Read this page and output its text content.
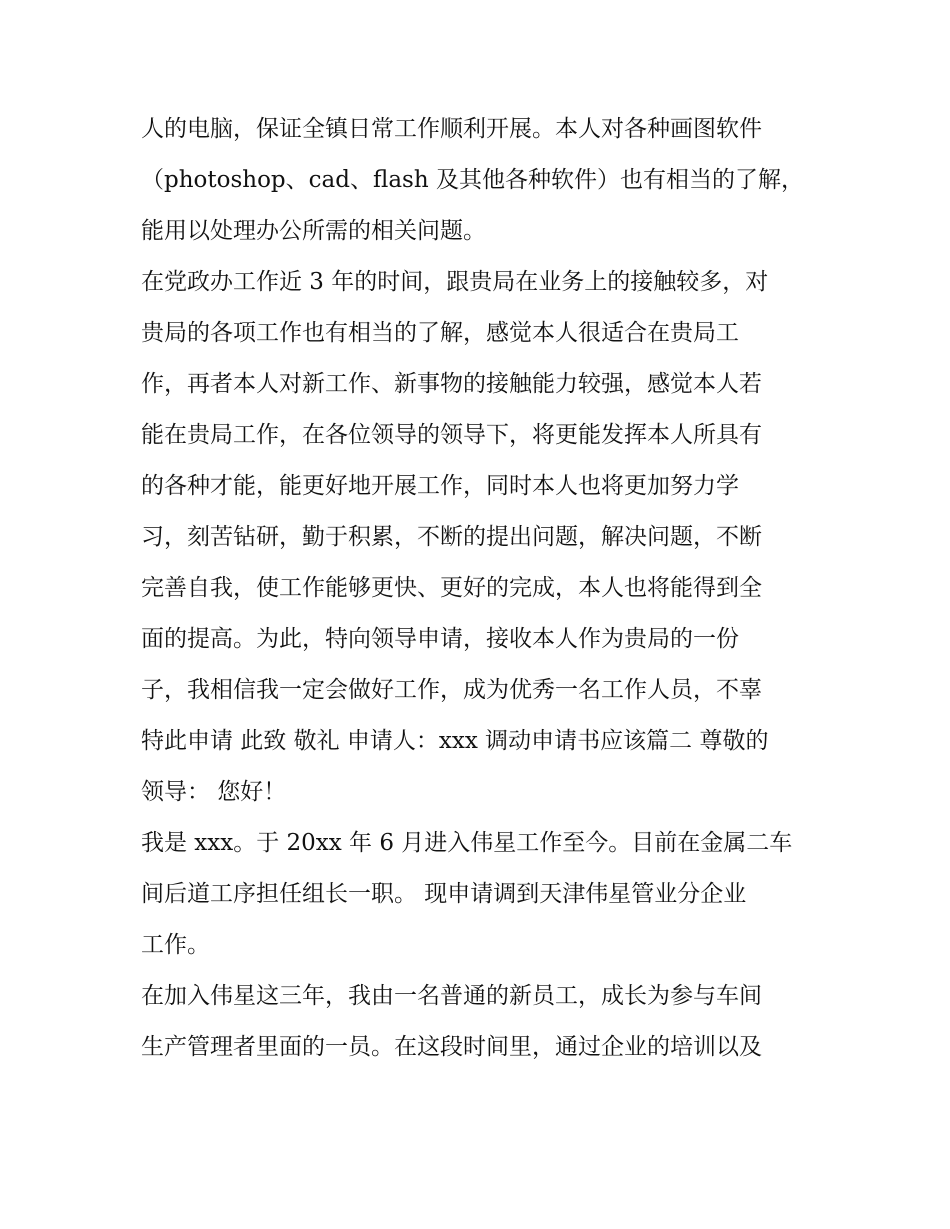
人的电脑，保证全镇日常工作顺利开展。本人对各种画图软件
（photoshop、cad、flash 及其他各种软件）也有相当的了解，
能用以处理办公所需的相关问题。

在党政办工作近 3 年的时间，跟贵局在业务上的接触较多，对
贵局的各项工作也有相当的了解，感觉本人很适合在贵局工
作，再者本人对新工作、新事物的接触能力较强，感觉本人若
能在贵局工作，在各位领导的领导下，将更能发挥本人所具有
的各种才能，能更好地开展工作，同时本人也将更加努力学
习，刻苦钻研，勤于积累，不断的提出问题，解决问题，不断
完善自我，使工作能够更快、更好的完成，本人也将能得到全
面的提高。为此，特向领导申请，接收本人作为贵局的一份
子，我相信我一定会做好工作，成为优秀一名工作人员，不辜

特此申请 此致 敬礼 申请人：xxx 调动申请书应该篇二 尊敬的
领导： 您好！

我是 xxx。于 20xx 年 6 月进入伟星工作至今。目前在金属二车
间后道工序担任组长一职。 现申请调到天津伟星管业分企业
工作。

在加入伟星这三年，我由一名普通的新员工，成长为参与车间
生产管理者里面的一员。在这段时间里，通过企业的培训以及
